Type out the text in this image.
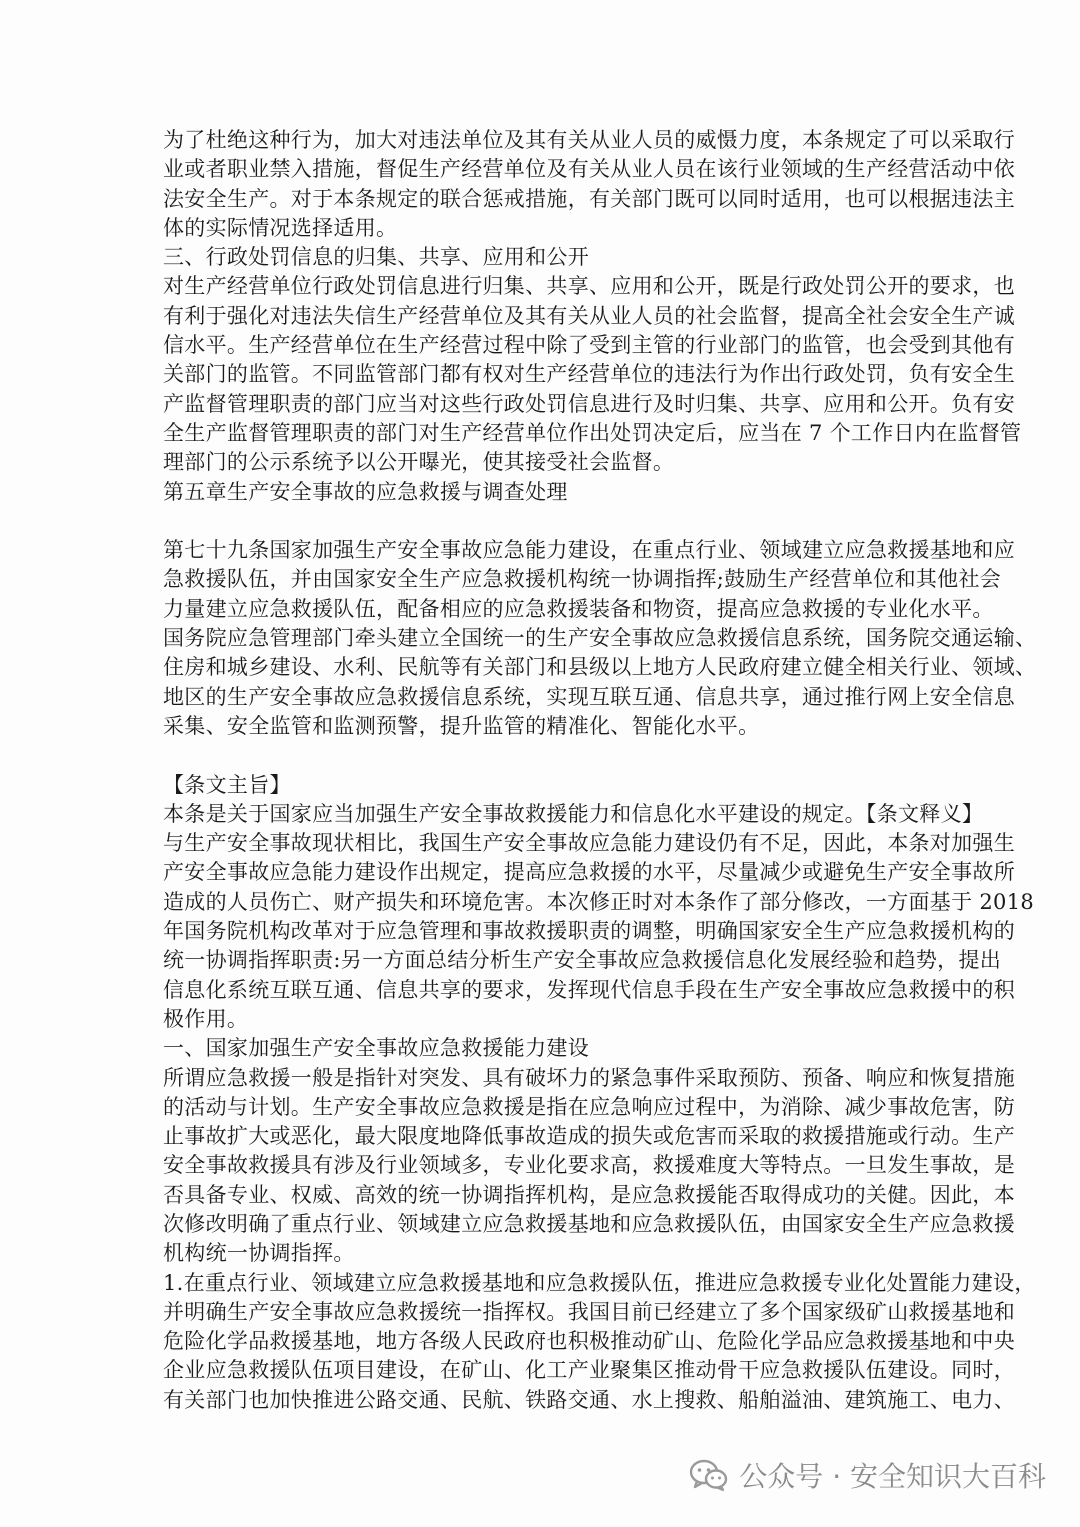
为了杜绝这种行为，加大对违法单位及其有关从业人员的威慑力度，本条规定了可以采取行
业或者职业禁入措施，督促生产经营单位及有关从业人员在该行业领域的生产经营活动中依
法安全生产。对于本条规定的联合惩戒措施，有关部门既可以同时适用，也可以根据违法主
体的实际情况选择适用。
三、行政处罚信息的归集、共享、应用和公开
对生产经营单位行政处罚信息进行归集、共享、应用和公开，既是行政处罚公开的要求，也
有利于强化对违法失信生产经营单位及其有关从业人员的社会监督，提高全社会安全生产诚
信水平。生产经营单位在生产经营过程中除了受到主管的行业部门的监管，也会受到其他有
关部门的监管。不同监管部门都有权对生产经营单位的违法行为作出行政处罚，负有安全生
产监督管理职责的部门应当对这些行政处罚信息进行及时归集、共享、应用和公开。负有安
全生产监督管理职责的部门对生产经营单位作出处罚决定后，应当在 7 个工作日内在监督管
理部门的公示系统予以公开曝光，使其接受社会监督。
第五章生产安全事故的应急救援与调查处理
第七十九条国家加强生产安全事故应急能力建设，在重点行业、领域建立应急救援基地和应
急救援队伍，并由国家安全生产应急救援机构统一协调指挥;鼓励生产经营单位和其他社会
力量建立应急救援队伍，配备相应的应急救援装备和物资，提高应急救援的专业化水平。
国务院应急管理部门牵头建立全国统一的生产安全事故应急救援信息系统，国务院交通运输、
住房和城乡建设、水利、民航等有关部门和县级以上地方人民政府建立健全相关行业、领域、
地区的生产安全事故应急救援信息系统，实现互联互通、信息共享，通过推行网上安全信息
采集、安全监管和监测预警，提升监管的精准化、智能化水平。
【条文主旨】
本条是关于国家应当加强生产安全事故救援能力和信息化水平建设的规定。【条文释义】
与生产安全事故现状相比，我国生产安全事故应急能力建设仍有不足，因此，本条对加强生
产安全事故应急能力建设作出规定，提高应急救援的水平，尽量减少或避免生产安全事故所
造成的人员伤亡、财产损失和环境危害。本次修正时对本条作了部分修改，一方面基于 2018
年国务院机构改革对于应急管理和事故救援职责的调整，明确国家安全生产应急救援机构的
统一协调指挥职责:另一方面总结分析生产安全事故应急救援信息化发展经验和趋势，提出
信息化系统互联互通、信息共享的要求，发挥现代信息手段在生产安全事故应急救援中的积
极作用。
一、国家加强生产安全事故应急救援能力建设
所谓应急救援一般是指针对突发、具有破坏力的紧急事件采取预防、预备、响应和恢复措施
的活动与计划。生产安全事故应急救援是指在应急响应过程中，为消除、减少事故危害，防
止事故扩大或恶化，最大限度地降低事故造成的损失或危害而采取的救援措施或行动。生产
安全事故救援具有涉及行业领域多，专业化要求高，救援难度大等特点。一旦发生事故，是
否具备专业、权威、高效的统一协调指挥机构，是应急救援能否取得成功的关健。因此，本
次修改明确了重点行业、领域建立应急救援基地和应急救援队伍，由国家安全生产应急救援
机构统一协调指挥。
1.在重点行业、领域建立应急救援基地和应急救援队伍，推进应急救援专业化处置能力建设，
并明确生产安全事故应急救援统一指挥权。我国目前已经建立了多个国家级矿山救援基地和
危险化学品救援基地，地方各级人民政府也积极推动矿山、危险化学品应急救援基地和中央
企业应急救援队伍项目建设，在矿山、化工产业聚集区推动骨干应急救援队伍建设。同时，
有关部门也加快推进公路交通、民航、铁路交通、水上搜救、船舶溢油、建筑施工、电力、
公众号 · 安全知识大百科
